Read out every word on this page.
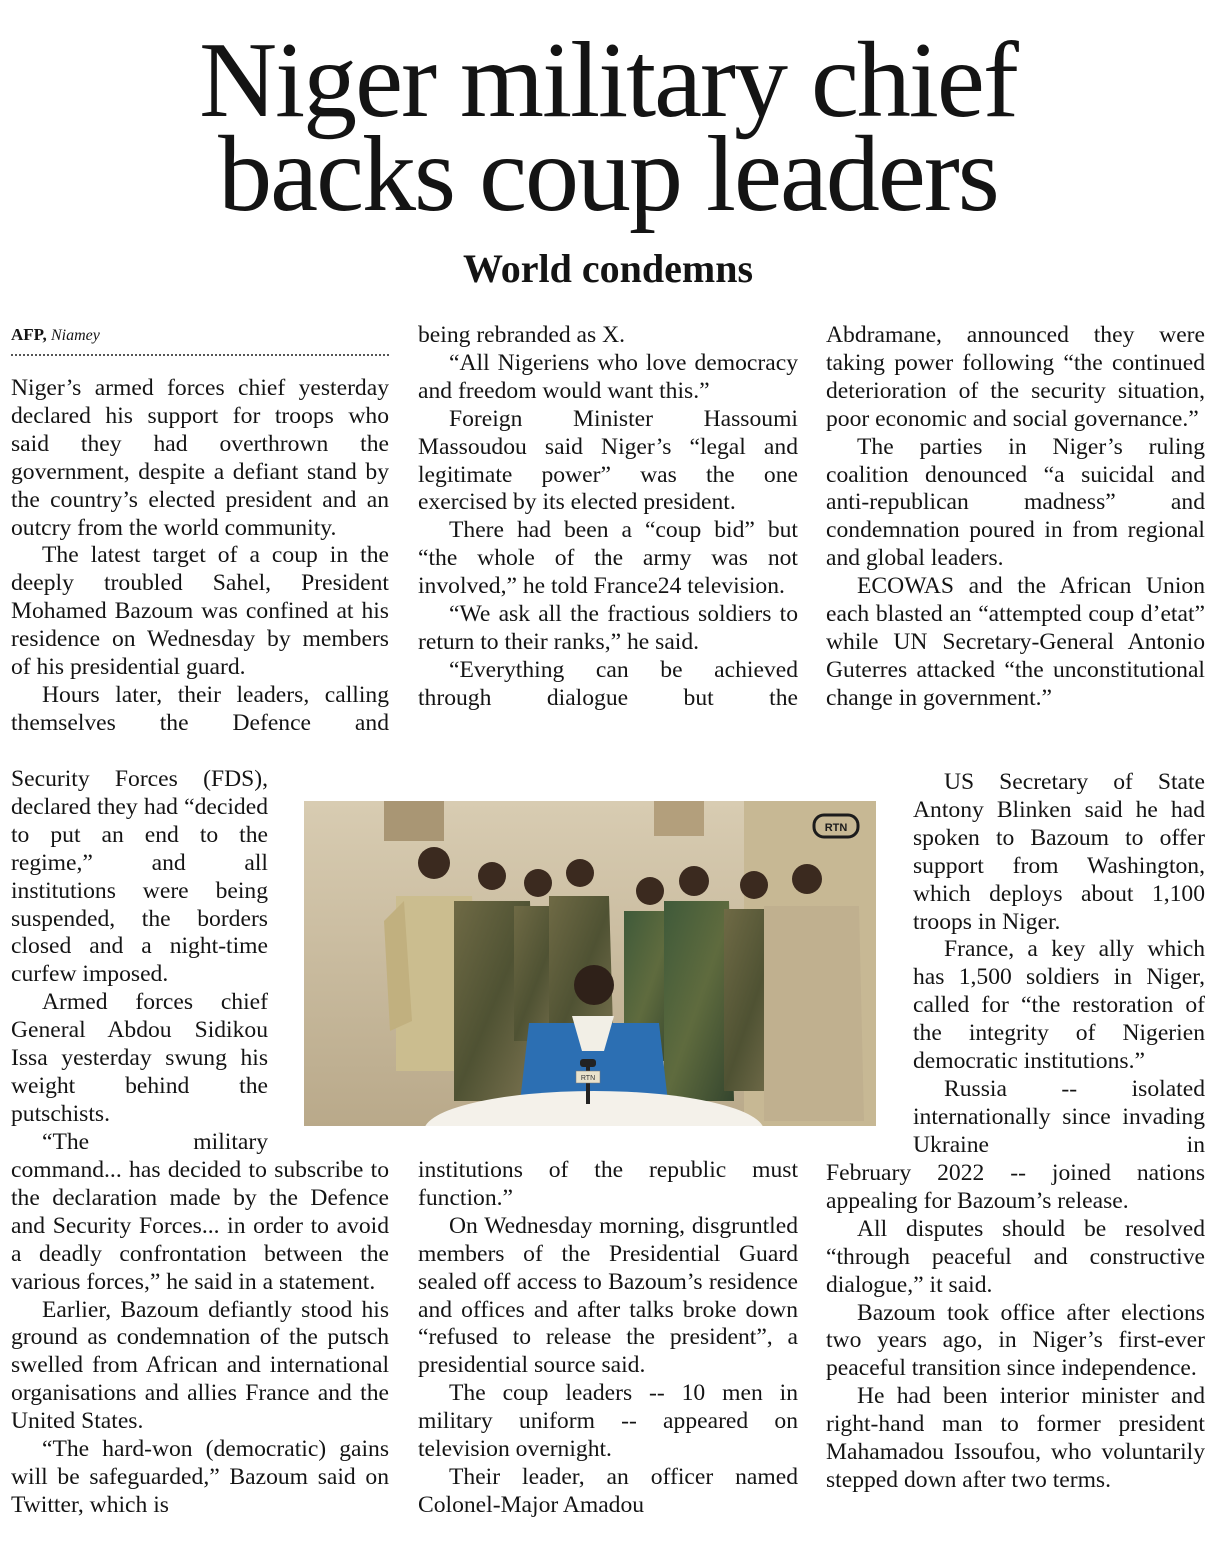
Niger military chief
backs coup leaders
World condemns
AFP, Niamey

Niger’s armed forces chief yesterday declared his support for troops who said they had overthrown the government, despite a defiant stand by the country’s elected president and an outcry from the world community.

The latest target of a coup in the deeply troubled Sahel, President Mohamed Bazoum was confined at his residence on Wednesday by members of his presidential guard.

Hours later, their leaders, calling themselves the Defence and

Security Forces (FDS), declared they had “decided to put an end to the regime,” and all institutions were being suspended, the borders closed and a night-time curfew imposed.

Armed forces chief General Abdou Sidikou Issa yesterday swung his weight behind the putschists.

“The military

command... has decided to subscribe to the declaration made by the Defence and Security Forces... in order to avoid a deadly confrontation between the various forces,” he said in a statement.

Earlier, Bazoum defiantly stood his ground as condemnation of the putsch swelled from African and international organisations and allies France and the United States.

“The hard-won (democratic) gains will be safeguarded,” Bazoum said on Twitter, which is

being rebranded as X.

“All Nigeriens who love democracy and freedom would want this.”

Foreign Minister Hassoumi Massoudou said Niger’s “legal and legitimate power” was the one exercised by its elected president.

There had been a “coup bid” but “the whole of the army was not involved,” he told France24 television.

“We ask all the fractious soldiers to return to their ranks,” he said.

“Everything can be achieved through dialogue but the

institutions of the republic must function.”

On Wednesday morning, disgruntled members of the Presidential Guard sealed off access to Bazoum’s residence and offices and after talks broke down “refused to release the president”, a presidential source said.

The coup leaders -- 10 men in military uniform -- appeared on television overnight.

Their leader, an officer named Colonel-Major Amadou

Abdramane, announced they were taking power following “the continued deterioration of the security situation, poor economic and social governance.”

The parties in Niger’s ruling coalition denounced “a suicidal and anti-republican madness” and condemnation poured in from regional and global leaders.

ECOWAS and the African Union each blasted an “attempted coup d’etat” while UN Secretary-General Antonio Guterres attacked “the unconstitutional change in government.”

US Secretary of State Antony Blinken said he had spoken to Bazoum to offer support from Washington, which deploys about 1,100 troops in Niger.

France, a key ally which has 1,500 soldiers in Niger, called for “the restoration of the integrity of Nigerien democratic institutions.”

Russia -- isolated internationally since invading Ukraine in

February 2022 -- joined nations appealing for Bazoum’s release.

All disputes should be resolved “through peaceful and constructive dialogue,” it said.

Bazoum took office after elections two years ago, in Niger’s first-ever peaceful transition since independence.

He had been interior minister and right-hand man to former president Mahamadou Issoufou, who voluntarily stepped down after two terms.

RTN
RTN
